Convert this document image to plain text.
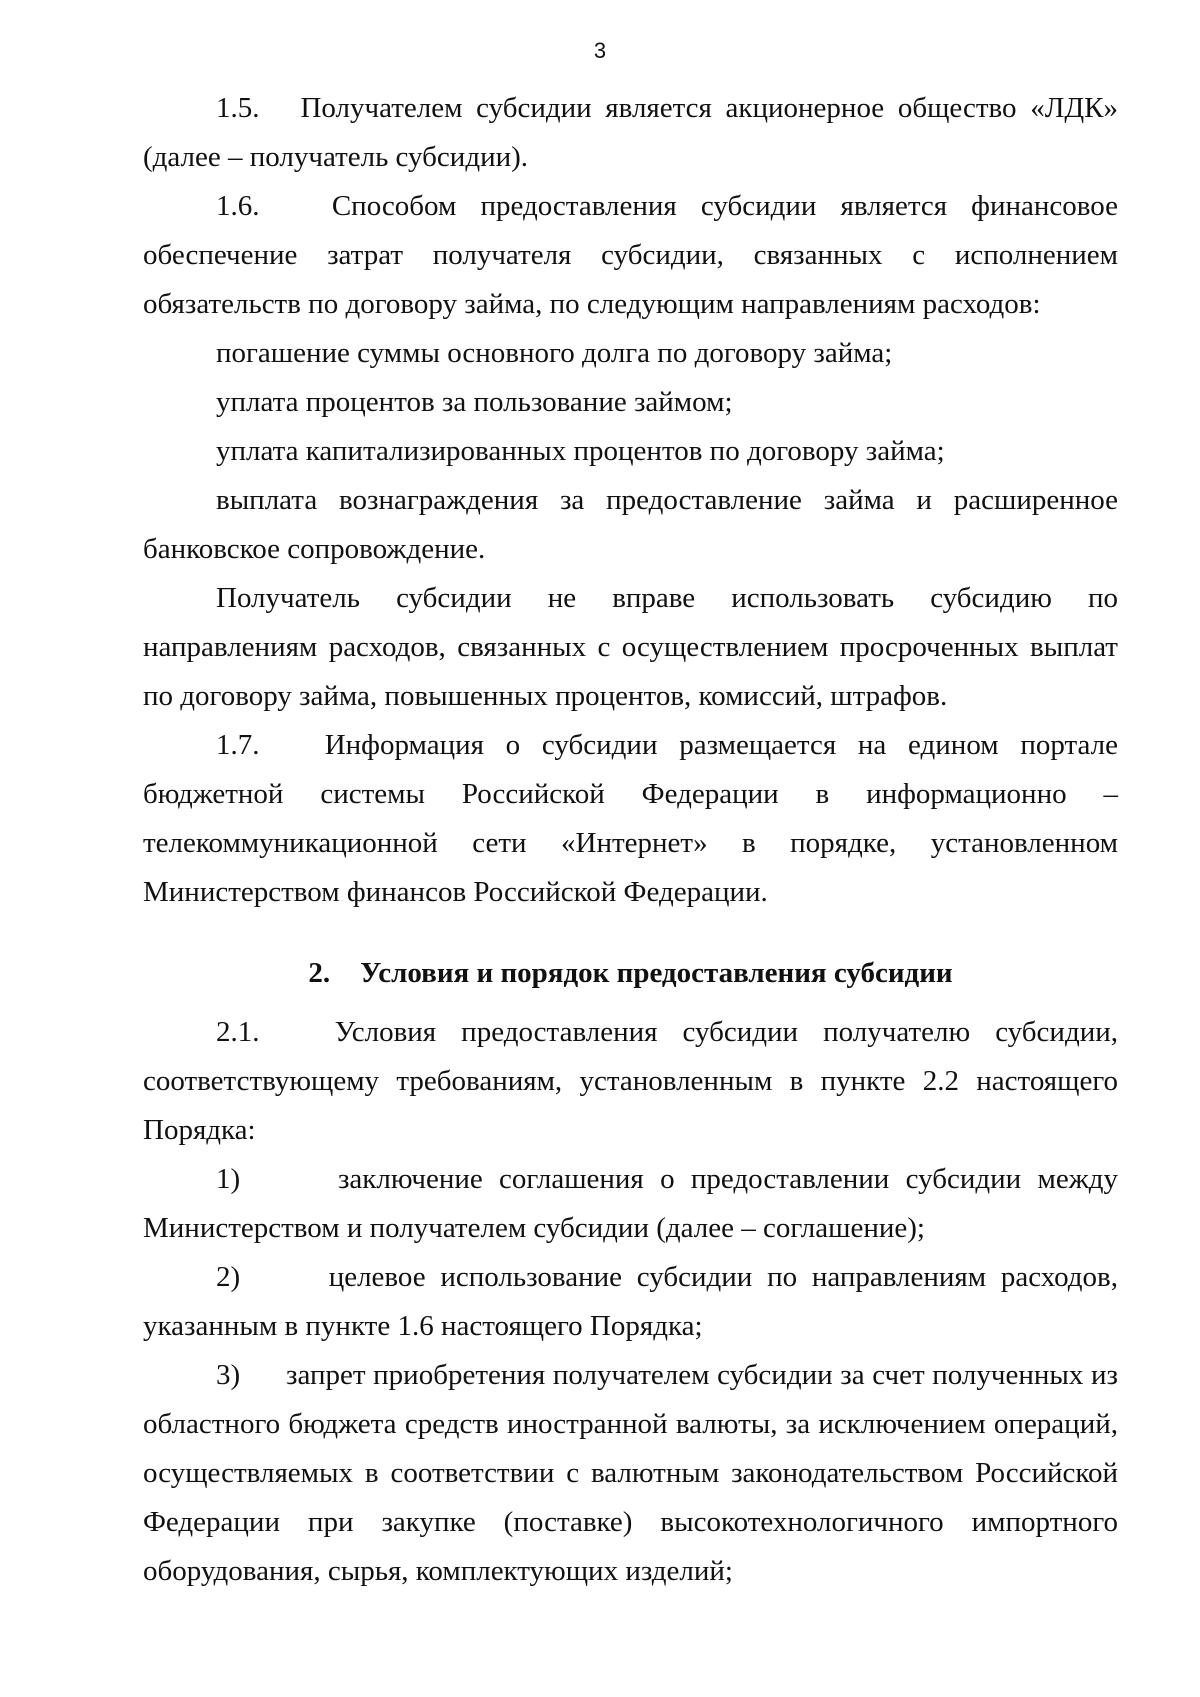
3

1.5.   Получателем субсидии является акционерное общество «ЛДК» (далее – получатель субсидии).

1.6.   Способом предоставления субсидии является финансовое обеспечение затрат получателя субсидии, связанных с исполнением обязательств по договору займа, по следующим направлениям расходов:

погашение суммы основного долга по договору займа;

уплата процентов за пользование займом;

уплата капитализированных процентов по договору займа;

выплата вознаграждения за предоставление займа и расширенное банковское сопровождение.

Получатель субсидии не вправе использовать субсидию по направлениям расходов, связанных с осуществлением просроченных выплат по договору займа, повышенных процентов, комиссий, штрафов.

1.7.   Информация о субсидии размещается на едином портале бюджетной системы Российской Федерации в информационно – телекоммуникационной сети «Интернет» в порядке, установленном Министерством финансов Российской Федерации.

2. Условия и порядок предоставления субсидии

2.1.   Условия предоставления субсидии получателю субсидии, соответствующему требованиям, установленным в пункте 2.2 настоящего Порядка:

1)      заключение соглашения о предоставлении субсидии между Министерством и получателем субсидии (далее – соглашение);

2)      целевое использование субсидии по направлениям расходов, указанным в пункте 1.6 настоящего Порядка;

3)      запрет приобретения получателем субсидии за счет полученных из областного бюджета средств иностранной валюты, за исключением операций, осуществляемых в соответствии с валютным законодательством Российской Федерации при закупке (поставке) высокотехнологичного импортного оборудования, сырья, комплектующих изделий;
